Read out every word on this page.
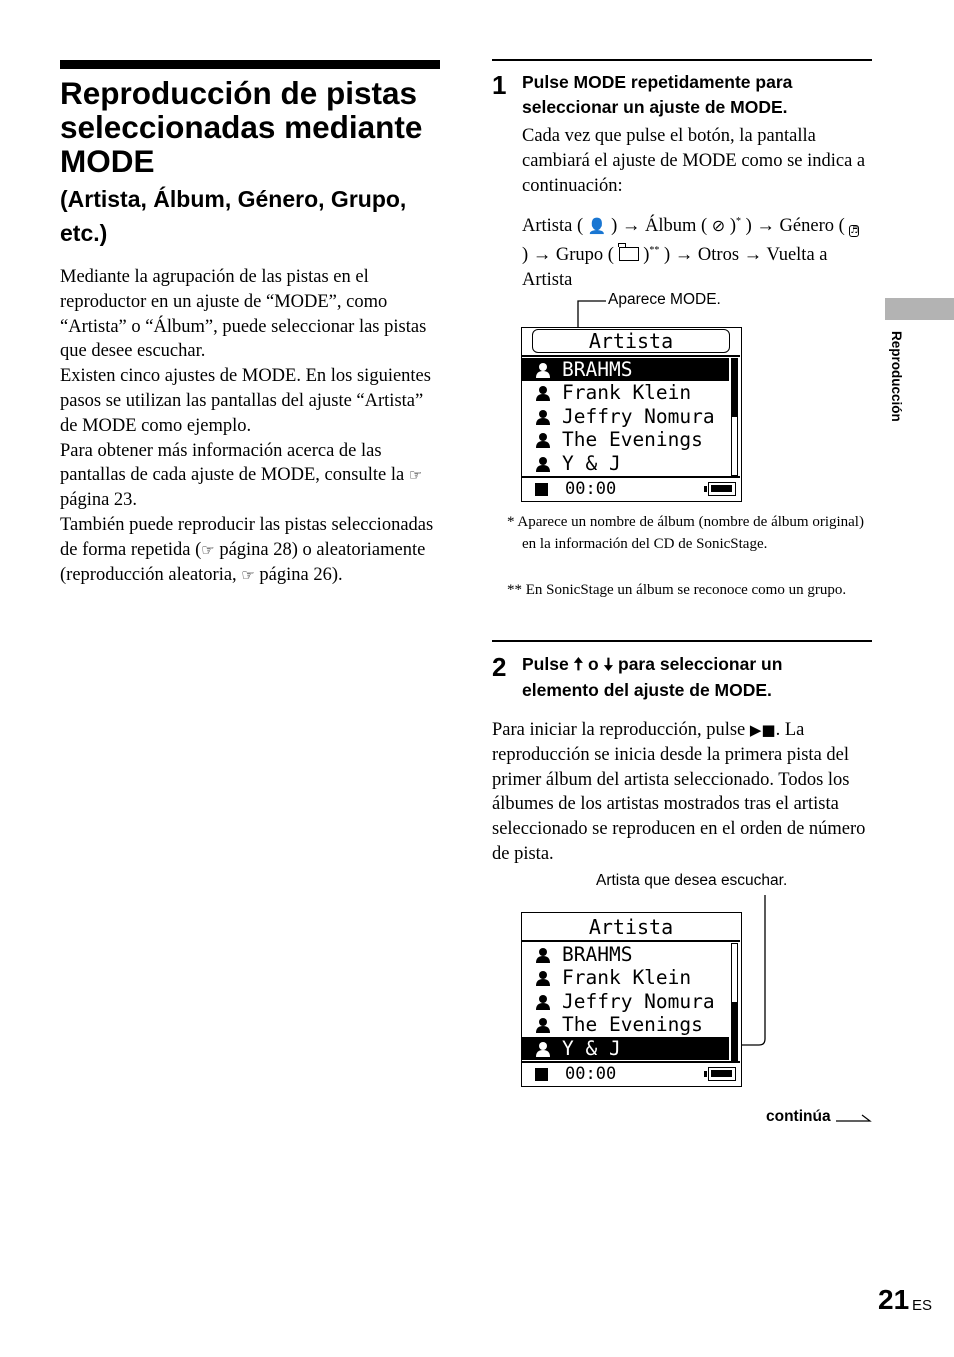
Reproducción de pistas seleccionadas mediante MODE
(Artista, Álbum, Género, Grupo, etc.)

Mediante la agrupación de las pistas en el reproductor en un ajuste de “MODE”, como “Artista” o “Álbum”, puede seleccionar las pistas que desee escuchar.

Existen cinco ajustes de MODE. En los siguientes pasos se utilizan las pantallas del ajuste “Artista” de MODE como ejemplo.

Para obtener más información acerca de las pantallas de cada ajuste de MODE, consulte la ☞ página 23.

También puede reproducir las pistas seleccionadas de forma repetida (☞ página 28) o aleatoriamente (reproducción aleatoria, ☞ página 26).

1 Pulse MODE repetidamente para seleccionar un ajuste de MODE.
Cada vez que pulse el botón, la pantalla cambiará el ajuste de MODE como se indica a continuación:
Artista ( 👤 ) → Álbum ( ⊘ )* ) → Género ( ♬ ) → Grupo (
)** ) → Otros → Vuelta a Artista
Aparece MODE.
Artista
BRAHMS
Frank Klein
Jeffry Nomura
The Evenings
Y & J
00:00
* Aparece un nombre de álbum (nombre de álbum original) en la información del CD de SonicStage.
** En SonicStage un álbum se reconoce como un grupo.
2 Pulse 🠅 o 🠇 para seleccionar un elemento del ajuste de MODE.
Para iniciar la reproducción, pulse ▶■. La reproducción se inicia desde la primera pista del primer álbum del artista seleccionado. Todos los álbumes de los artistas mostrados tras el artista seleccionado se reproducen en el orden de número de pista.
Artista que desea escuchar.
Artista
BRAHMS
Frank Klein
Jeffry Nomura
The Evenings
Y & J
00:00
continúa
Reproducción
21 ES
